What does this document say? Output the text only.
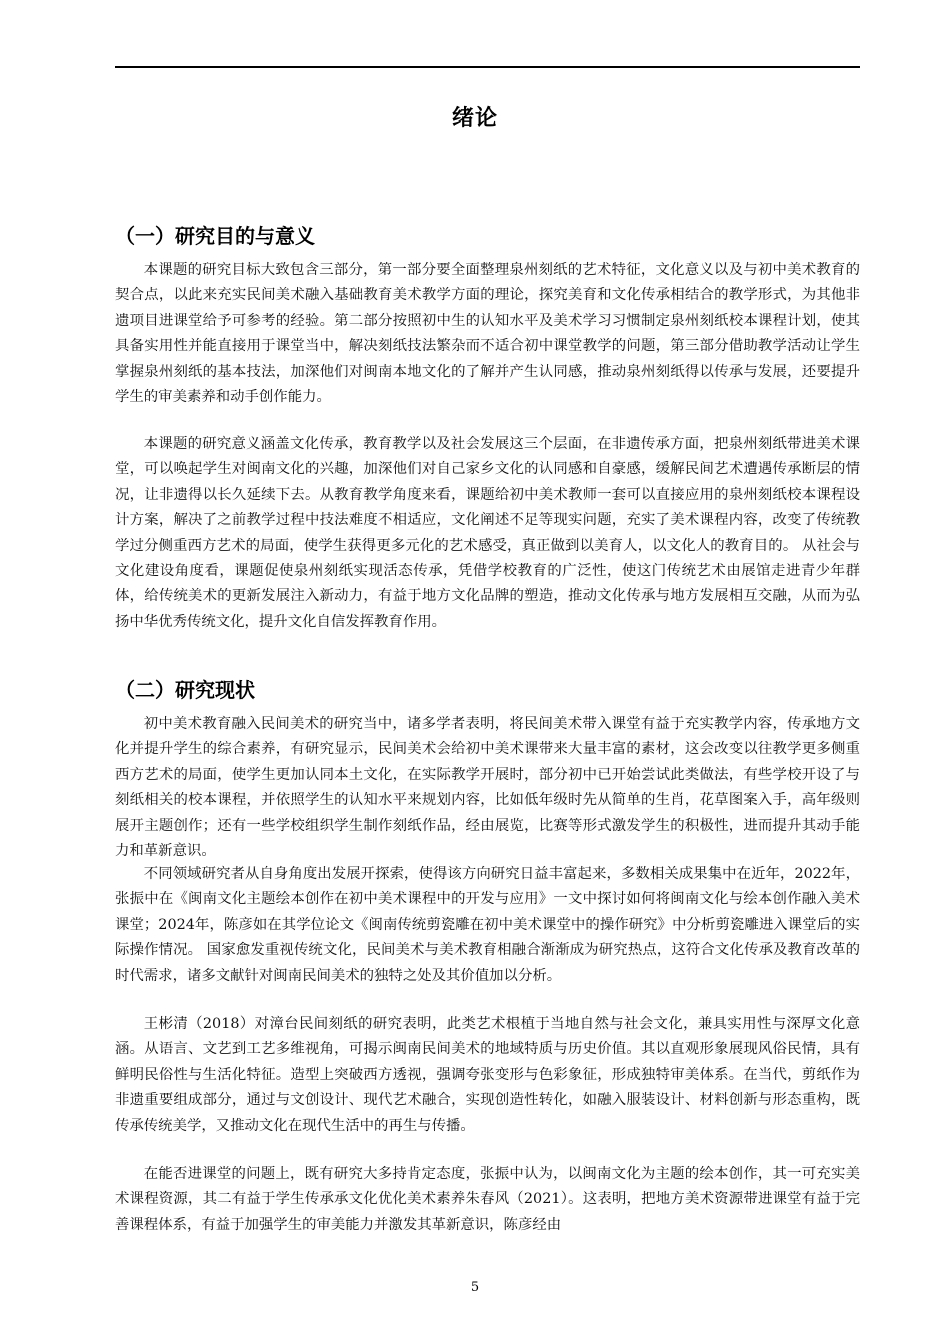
绪论
（一）研究目的与意义

本课题的研究目标大致包含三部分，第一部分要全面整理泉州刻纸的艺术特征，文化意义以及与初中美术教育的契合点，以此来充实民间美术融入基础教育美术教学方面的理论，探究美育和文化传承相结合的教学形式，为其他非遗项目进课堂给予可参考的经验。第二部分按照初中生的认知水平及美术学习习惯制定泉州刻纸校本课程计划，使其具备实用性并能直接用于课堂当中，解决刻纸技法繁杂而不适合初中课堂教学的问题，第三部分借助教学活动让学生掌握泉州刻纸的基本技法，加深他们对闽南本地文化的了解并产生认同感，推动泉州刻纸得以传承与发展，还要提升学生的审美素养和动手创作能力。

本课题的研究意义涵盖文化传承，教育教学以及社会发展这三个层面，在非遗传承方面，把泉州刻纸带进美术课堂，可以唤起学生对闽南文化的兴趣，加深他们对自己家乡文化的认同感和自豪感，缓解民间艺术遭遇传承断层的情况，让非遗得以长久延续下去。从教育教学角度来看，课题给初中美术教师一套可以直接应用的泉州刻纸校本课程设计方案，解决了之前教学过程中技法难度不相适应，文化阐述不足等现实问题，充实了美术课程内容，改变了传统教学过分侧重西方艺术的局面，使学生获得更多元化的艺术感受，真正做到以美育人，以文化人的教育目的。 从社会与文化建设角度看，课题促使泉州刻纸实现活态传承，凭借学校教育的广泛性，使这门传统艺术由展馆走进青少年群体，给传统美术的更新发展注入新动力，有益于地方文化品牌的塑造，推动文化传承与地方发展相互交融，从而为弘扬中华优秀传统文化，提升文化自信发挥教育作用。

（二）研究现状

初中美术教育融入民间美术的研究当中，诸多学者表明，将民间美术带入课堂有益于充实教学内容，传承地方文化并提升学生的综合素养，有研究显示，民间美术会给初中美术课带来大量丰富的素材，这会改变以往教学更多侧重西方艺术的局面，使学生更加认同本土文化，在实际教学开展时，部分初中已开始尝试此类做法，有些学校开设了与刻纸相关的校本课程，并依照学生的认知水平来规划内容，比如低年级时先从简单的生肖，花草图案入手，高年级则展开主题创作；还有一些学校组织学生制作刻纸作品，经由展览，比赛等形式激发学生的积极性，进而提升其动手能力和革新意识。

不同领域研究者从自身角度出发展开探索，使得该方向研究日益丰富起来，多数相关成果集中在近年，2022年，张振中在《闽南文化主题绘本创作在初中美术课程中的开发与应用》一文中探讨如何将闽南文化与绘本创作融入美术课堂；2024年，陈彦如在其学位论文《闽南传统剪瓷雕在初中美术课堂中的操作研究》中分析剪瓷雕进入课堂后的实际操作情况。 国家愈发重视传统文化，民间美术与美术教育相融合渐渐成为研究热点，这符合文化传承及教育改革的时代需求，诸多文献针对闽南民间美术的独特之处及其价值加以分析。

王彬清（2018）对漳台民间刻纸的研究表明，此类艺术根植于当地自然与社会文化，兼具实用性与深厚文化意涵。从语言、文艺到工艺多维视角，可揭示闽南民间美术的地域特质与历史价值。其以直观形象展现风俗民情，具有鲜明民俗性与生活化特征。造型上突破西方透视，强调夸张变形与色彩象征，形成独特审美体系。在当代，剪纸作为非遗重要组成部分，通过与文创设计、现代艺术融合，实现创造性转化，如融入服装设计、材料创新与形态重构，既传承传统美学，又推动文化在现代生活中的再生与传播。

在能否进课堂的问题上，既有研究大多持肯定态度，张振中认为，以闽南文化为主题的绘本创作，其一可充实美术课程资源，其二有益于学生传承承文化优化美术素养朱春风（2021）。这表明，把地方美术资源带进课堂有益于完善课程体系，有益于加强学生的审美能力并激发其革新意识，陈彦经由

5
